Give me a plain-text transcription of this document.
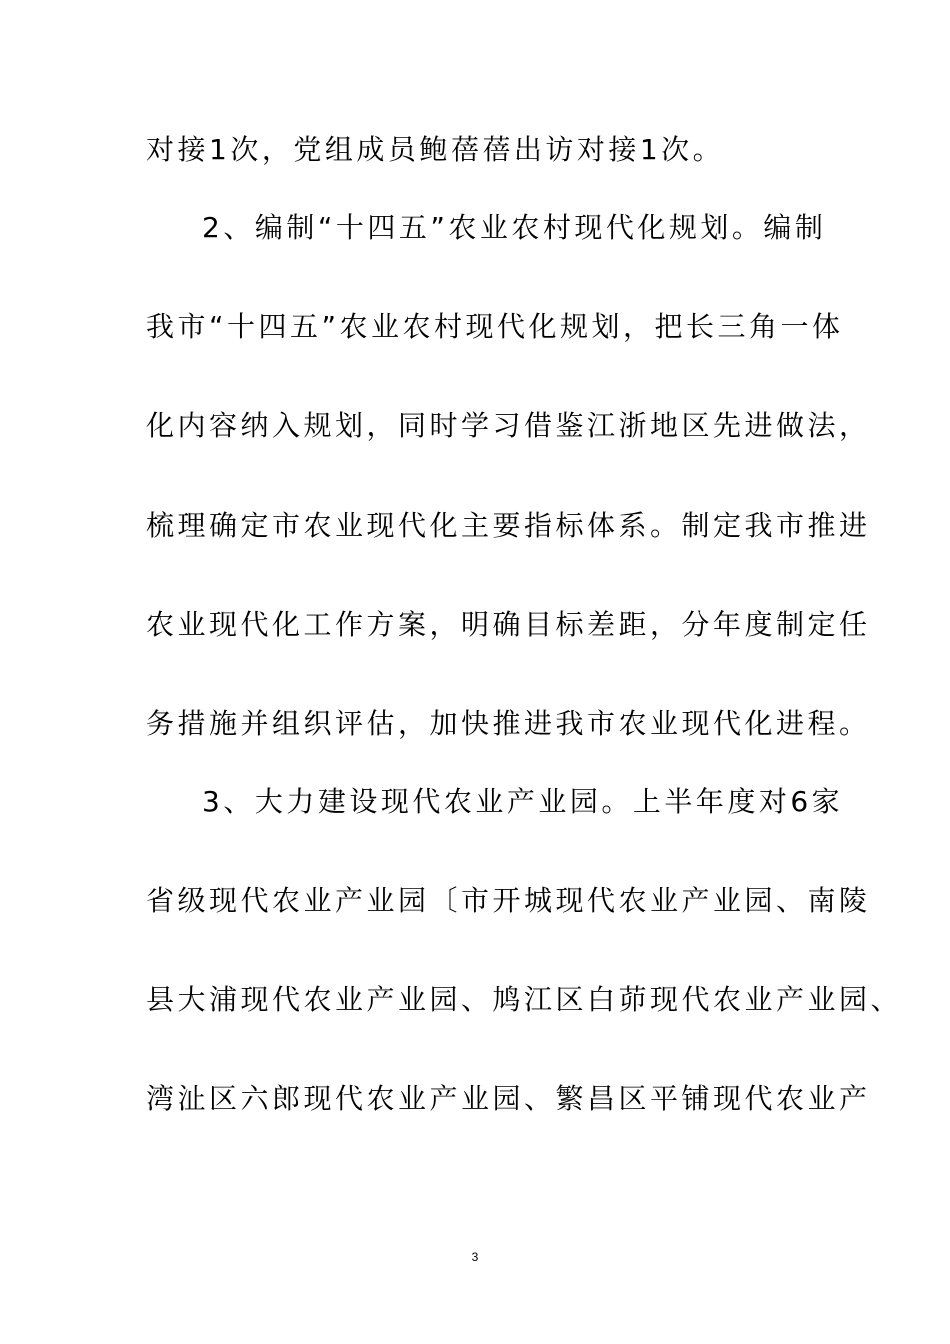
对接1次，党组成员鲍蓓蓓出访对接1次。
2、编制“十四五”农业农村现代化规划。编制
我市“十四五”农业农村现代化规划，把长三角一体
化内容纳入规划，同时学习借鉴江浙地区先进做法，
梳理确定市农业现代化主要指标体系。制定我市推进
农业现代化工作方案，明确目标差距，分年度制定任
务措施并组织评估，加快推进我市农业现代化进程。
3、大力建设现代农业产业园。上半年度对6家
省级现代农业产业园〔市开城现代农业产业园、南陵
县大浦现代农业产业园、鸠江区白茆现代农业产业园、
湾沚区六郎现代农业产业园、繁昌区平铺现代农业产
3
